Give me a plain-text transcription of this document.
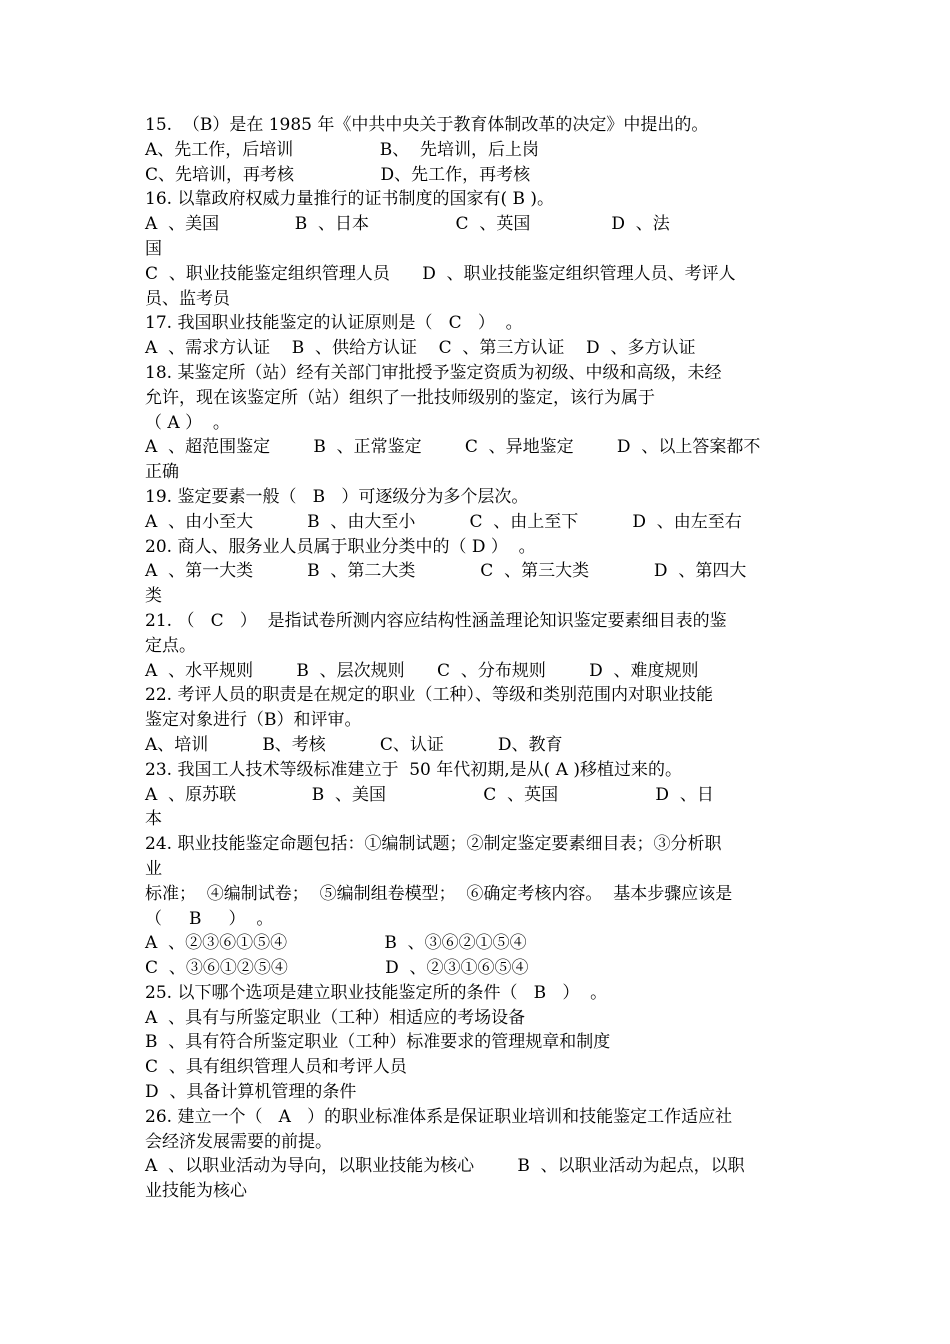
15.  （B）是在 1985 年《中共中央关于教育体制改革的决定》中提出的。
A、先工作，后培训                B、  先培训，后上岗
C、先培训，再考核                D、先工作，再考核
16. 以靠政府权威力量推行的证书制度的国家有( B )。
A  、美国              B  、日本                C  、英国               D  、法
国
C  、职业技能鉴定组织管理人员      D  、职业技能鉴定组织管理人员、考评人
员、监考员
17. 我国职业技能鉴定的认证原则是（   C   ）  。
A  、需求方认证    B  、供给方认证    C  、第三方认证    D  、多方认证
18. 某鉴定所（站）经有关部门审批授予鉴定资质为初级、中级和高级，未经
允许，现在该鉴定所（站）组织了一批技师级别的鉴定，该行为属于
（ A ）  。
A  、超范围鉴定        B  、正常鉴定        C  、异地鉴定        D  、以上答案都不
正确
19. 鉴定要素一般（   B   ）可逐级分为多个层次。
A  、由小至大          B  、由大至小          C  、由上至下          D  、由左至右
20. 商人、服务业人员属于职业分类中的（ D ）  。
A  、第一大类          B  、第二大类            C  、第三大类            D  、第四大
类
21. （   C   ）  是指试卷所测内容应结构性涵盖理论知识鉴定要素细目表的鉴
定点。
A  、水平规则        B  、层次规则      C  、分布规则        D  、难度规则
22. 考评人员的职责是在规定的职业（工种）、等级和类别范围内对职业技能
鉴定对象进行（B）和评审。
A、培训          B、考核          C、认证          D、教育
23. 我国工人技术等级标准建立于  50 年代初期,是从( A )移植过来的。
A  、原苏联              B  、美国                  C  、英国                  D  、日
本
24. 职业技能鉴定命题包括：①编制试题；②制定鉴定要素细目表；③分析职
业
标准；  ④编制试卷；  ⑤编制组卷模型；  ⑥确定考核内容。  基本步骤应该是
（     B     ）  。
A  、②③⑥①⑤④                  B  、③⑥②①⑤④
C  、③⑥①②⑤④                  D  、②③①⑥⑤④
25. 以下哪个选项是建立职业技能鉴定所的条件（   B   ）  。
A  、具有与所鉴定职业（工种）相适应的考场设备
B  、具有符合所鉴定职业（工种）标准要求的管理规章和制度
C  、具有组织管理人员和考评人员
D  、具备计算机管理的条件
26. 建立一个（   A   ）的职业标准体系是保证职业培训和技能鉴定工作适应社
会经济发展需要的前提。
A  、以职业活动为导向，以职业技能为核心        B  、以职业活动为起点，以职
业技能为核心
